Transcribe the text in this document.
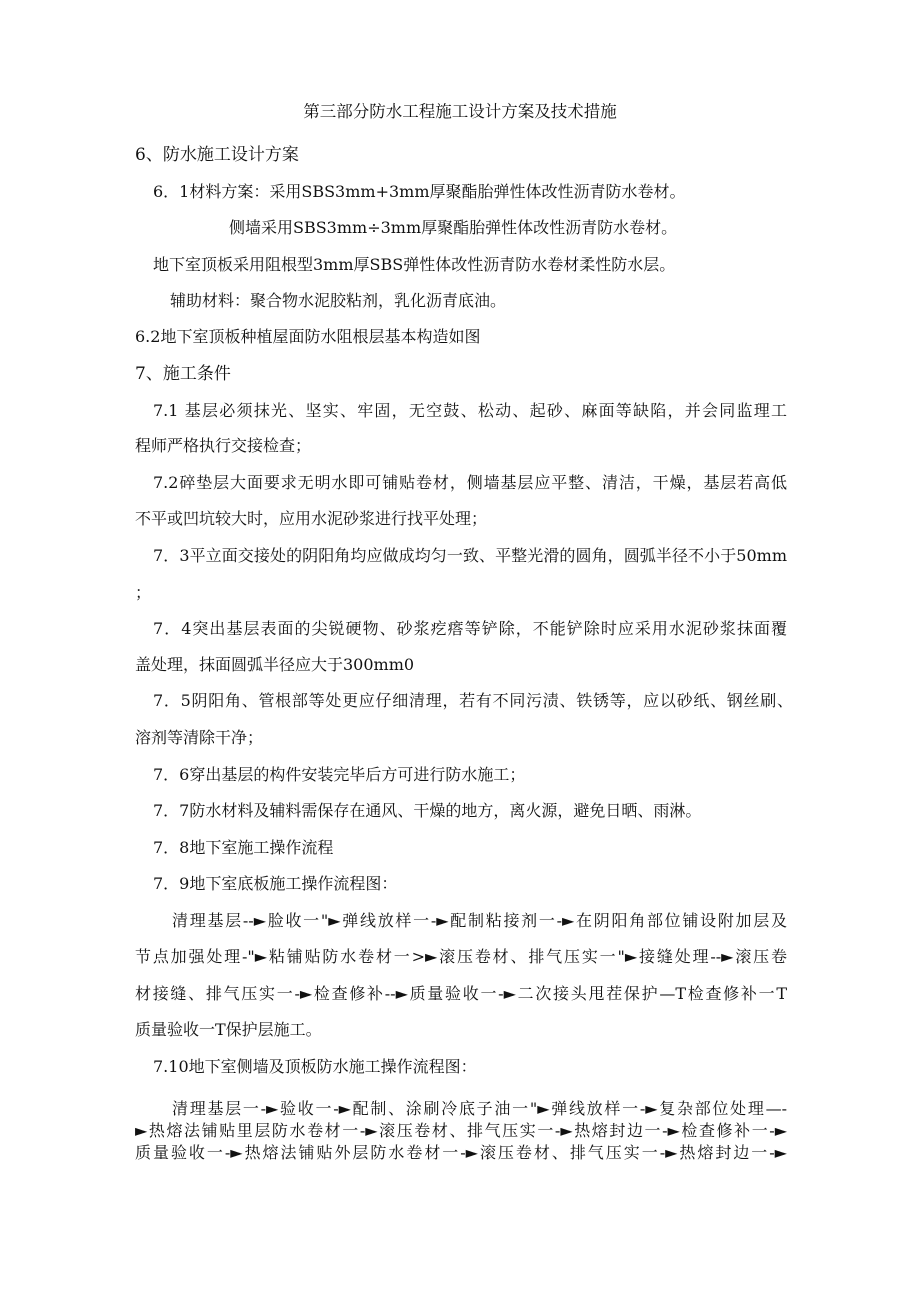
第三部分防水工程施工设计方案及技术措施
6、防水施工设计方案
6．1材料方案：采用SBS3mm+3mm厚聚酯胎弹性体改性沥青防水卷材。
侧墙采用SBS3mm÷3mm厚聚酯胎弹性体改性沥青防水卷材。
地下室顶板采用阻根型3mm厚SBS弹性体改性沥青防水卷材柔性防水层。
辅助材料：聚合物水泥胶粘剂，乳化沥青底油。
6.2地下室顶板种植屋面防水阻根层基本构造如图
7、施工条件
7.1 基层必须抹光、坚实、牢固，无空鼓、松动、起砂、麻面等缺陷，并会同监理工
程师严格执行交接检查；
7.2碎垫层大面要求无明水即可铺贴卷材，侧墙基层应平整、清洁，干燥，基层若高低
不平或凹坑较大时，应用水泥砂浆进行找平处理；
7．3平立面交接处的阴阳角均应做成均匀一致、平整光滑的圆角，圆弧半径不小于50mm
；
7．4突出基层表面的尖锐硬物、砂浆疙瘩等铲除，不能铲除时应采用水泥砂浆抹面覆
盖处理，抹面圆弧半径应大于300mm0
7．5阴阳角、管根部等处更应仔细清理，若有不同污渍、铁锈等，应以砂纸、钢丝刷、
溶剂等清除干净；
7．6穿出基层的构件安装完毕后方可进行防水施工；
7．7防水材料及辅料需保存在通风、干燥的地方，离火源，避免日晒、雨淋。
7．8地下室施工操作流程
7．9地下室底板施工操作流程图：
清理基层--►脸收一"►弹线放样一-►配制粘接剂一-►在阴阳角部位铺设附加层及
节点加强处理-"►粘铺贴防水卷材一>►滚压卷材、排气压实一"►接缝处理--►滚压卷
材接缝、排气压实一-►检查修补--►质量验收一-►二次接头甩茬保护—T检查修补一T
质量验收一T保护层施工。
7.10地下室侧墙及顶板防水施工操作流程图：
清理基层一-►验收一-►配制、涂刷冷底子油一"►弹线放样一-►复杂部位处理—-
►热熔法铺贴里层防水卷材一-►滚压卷材、排气压实一-►热熔封边一-►检查修补一-►
质量验收一-►热熔法铺贴外层防水卷材一-►滚压卷材、排气压实一-►热熔封边一-►
